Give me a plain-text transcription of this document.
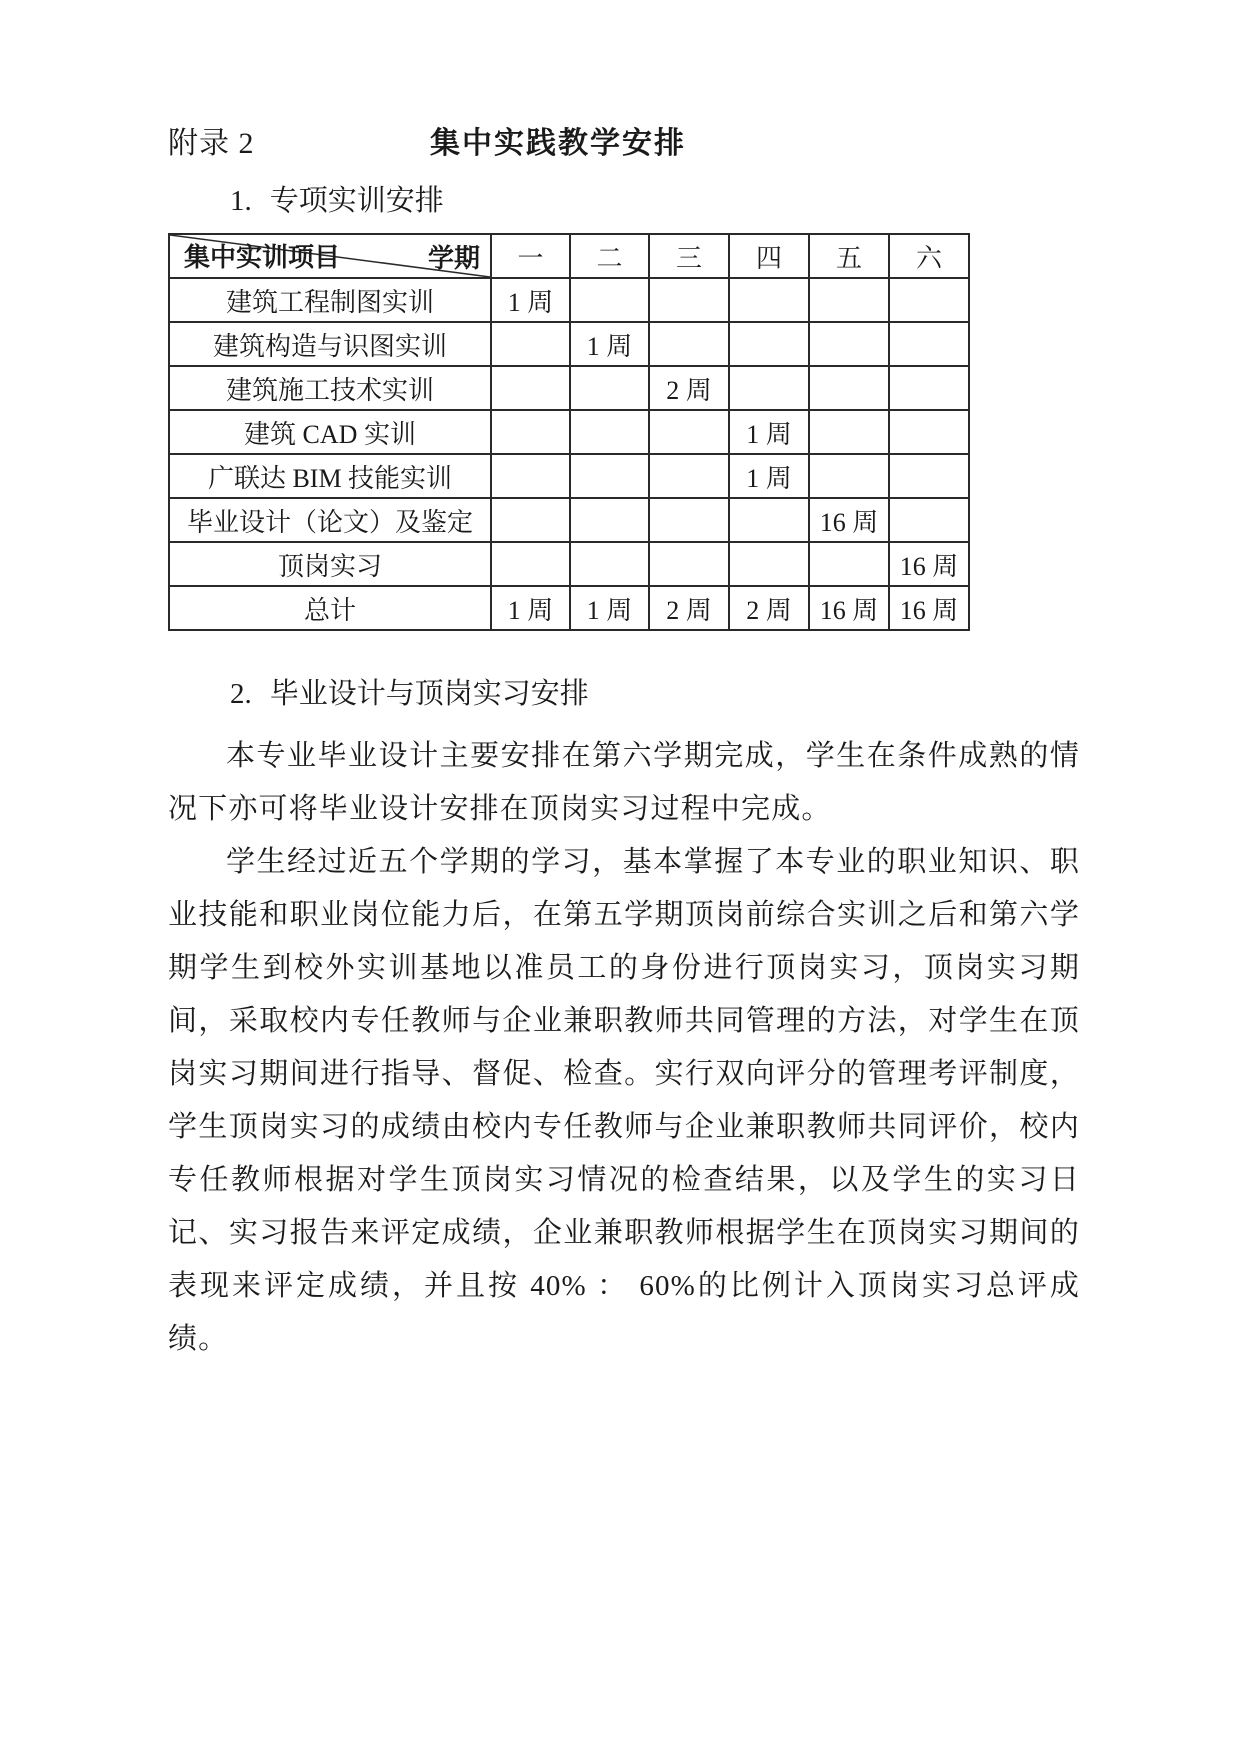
附录 2	集中实践教学安排
1. 专项实训安排
学期
集中实训项目	一	二	三	四	五	六
建筑工程制图实训	1 周					
建筑构造与识图实训		1 周				
建筑施工技术实训			2 周			
建筑 CAD 实训				1 周		
广联达 BIM 技能实训				1 周		
毕业设计（论文）及鉴定					16 周	
顶岗实习						16 周
总计	1 周	1 周	2 周	2 周	16 周	16 周
2. 毕业设计与顶岗实习安排

本专业毕业设计主要安排在第六学期完成，学生在条件成熟的情况下亦可将毕业设计安排在顶岗实习过程中完成。

学生经过近五个学期的学习，基本掌握了本专业的职业知识、职业技能和职业岗位能力后，在第五学期顶岗前综合实训之后和第六学期学生到校外实训基地以准员工的身份进行顶岗实习，顶岗实习期间，采取校内专任教师与企业兼职教师共同管理的方法，对学生在顶岗实习期间进行指导、督促、检查。实行双向评分的管理考评制度，学生顶岗实习的成绩由校内专任教师与企业兼职教师共同评价，校内专任教师根据对学生顶岗实习情况的检查结果，以及学生的实习日记、实习报告来评定成绩，企业兼职教师根据学生在顶岗实习期间的表现来评定成绩，并且按 40% ： 60%的比例计入顶岗实习总评成绩。
